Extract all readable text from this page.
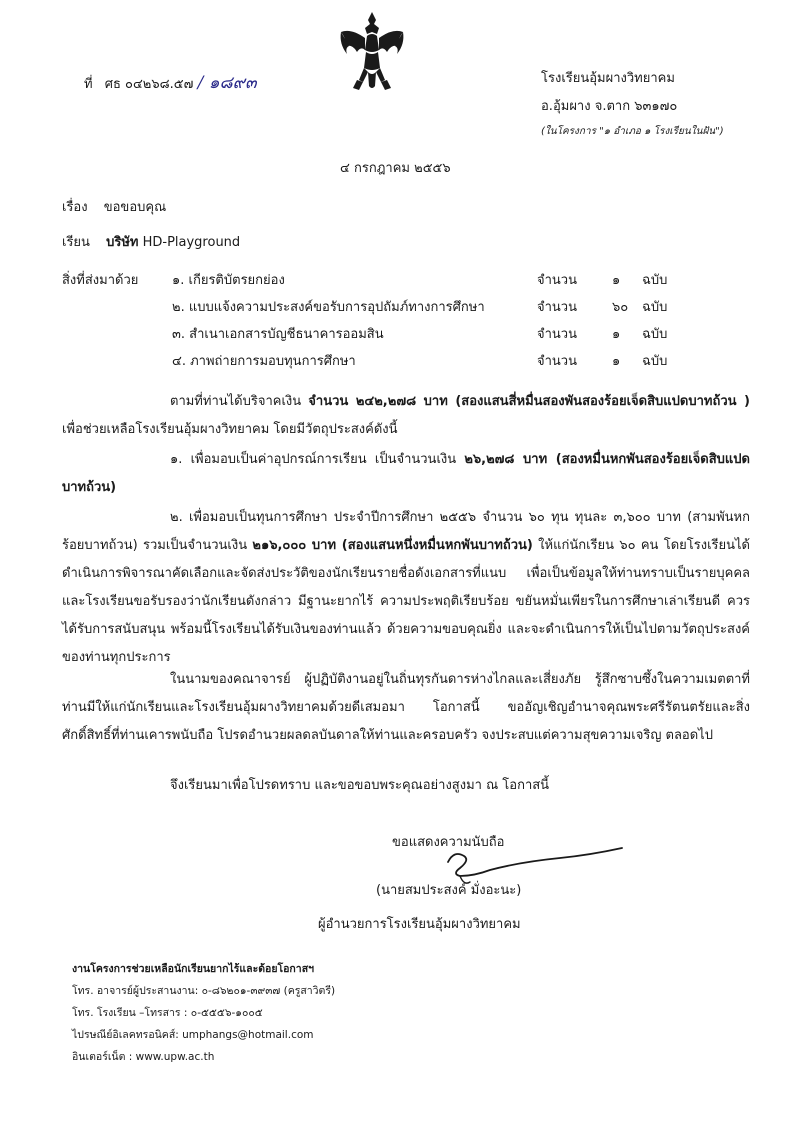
ที่ ศธ ๐๔๒๖๘.๕๗ / ๑๘๙๓	โรงเรียนอุ้มผางวิทยาคม
อ.อุ้มผาง จ.ตาก ๖๓๑๗๐
(ในโครงการ "๑ อำเภอ ๑ โรงเรียนในฝัน")
๔ กรกฎาคม ๒๕๕๖
เรื่อง ขอขอบคุณ
เรียน บริษัท HD-Playground
สิ่งที่ส่งมาด้วย	๑. เกียรติบัตรยกย่อง	จำนวน	๑ ฉบับ
๒. แบบแจ้งความประสงค์ขอรับการอุปถัมภ์ทางการศึกษา	จำนวน	๖๐ ฉบับ
๓. สำเนาเอกสารบัญชีธนาคารออมสิน	จำนวน	๑ ฉบับ
๔. ภาพถ่ายการมอบทุนการศึกษา	จำนวน	๑ ฉบับ
ตามที่ท่านได้บริจาคเงิน จำนวน ๒๔๒,๒๗๘ บาท (สองแสนสี่หมื่นสองพันสองร้อยเจ็ดสิบแปดบาทถ้วน ) เพื่อช่วยเหลือโรงเรียนอุ้มผางวิทยาคม โดยมีวัตถุประสงค์ดังนี้
๑. เพื่อมอบเป็นค่าอุปกรณ์การเรียน เป็นจำนวนเงิน ๒๖,๒๗๘ บาท (สองหมื่นหกพันสองร้อยเจ็ดสิบแปดบาทถ้วน)
๒. เพื่อมอบเป็นทุนการศึกษา ประจำปีการศึกษา ๒๕๕๖ จำนวน ๖๐ ทุน ทุนละ ๓,๖๐๐ บาท (สามพันหกร้อยบาทถ้วน) รวมเป็นจำนวนเงิน ๒๑๖,๐๐๐ บาท (สองแสนหนึ่งหมื่นหกพันบาทถ้วน) ให้แก่นักเรียน ๖๐ คน โดยโรงเรียนได้ดำเนินการพิจารณาคัดเลือกและจัดส่งประวัติของนักเรียนรายชื่อดังเอกสารที่แนบ เพื่อเป็นข้อมูลให้ท่านทราบเป็นรายบุคคล และโรงเรียนขอรับรองว่านักเรียนดังกล่าว มีฐานะยากไร้ ความประพฤติเรียบร้อย ขยันหมั่นเพียรในการศึกษาเล่าเรียนดี ควรได้รับการสนับสนุน พร้อมนี้โรงเรียนได้รับเงินของท่านแล้ว ด้วยความขอบคุณยิ่ง และจะดำเนินการให้เป็นไปตามวัตถุประสงค์ของท่านทุกประการ
ในนามของคณาจารย์ ผู้ปฏิบัติงานอยู่ในถิ่นทุรกันดารห่างไกลและเสี่ยงภัย รู้สึกซาบซึ้งในความเมตตาที่ท่านมีให้แก่นักเรียนและโรงเรียนอุ้มผางวิทยาคมด้วยดีเสมอมา โอกาสนี้ ขออัญเชิญอำนาจคุณพระศรีรัตนตรัยและสิ่งศักดิ์สิทธิ์ที่ท่านเคารพนับถือ โปรดอำนวยผลดลบันดาลให้ท่านและครอบครัว จงประสบแต่ความสุขความเจริญ ตลอดไป
จึงเรียนมาเพื่อโปรดทราบ และขอขอบพระคุณอย่างสูงมา ณ โอกาสนี้
ขอแสดงความนับถือ
(นายสมประสงค์ มั่งอะนะ)
ผู้อำนวยการโรงเรียนอุ้มผางวิทยาคม
งานโครงการช่วยเหลือนักเรียนยากไร้และด้อยโอกาสฯ
โทร. อาจารย์ผู้ประสานงาน: ๐-๘๖๒๐๑-๓๙๓๗ (ครูสาวิตรี)
โทร. โรงเรียน –โทรสาร : ๐-๕๕๕๖-๑๐๐๕
ไปรษณีย์อิเลคทรอนิคส์: umphangs@hotmail.com
อินเตอร์เน็ต : www.upw.ac.th
